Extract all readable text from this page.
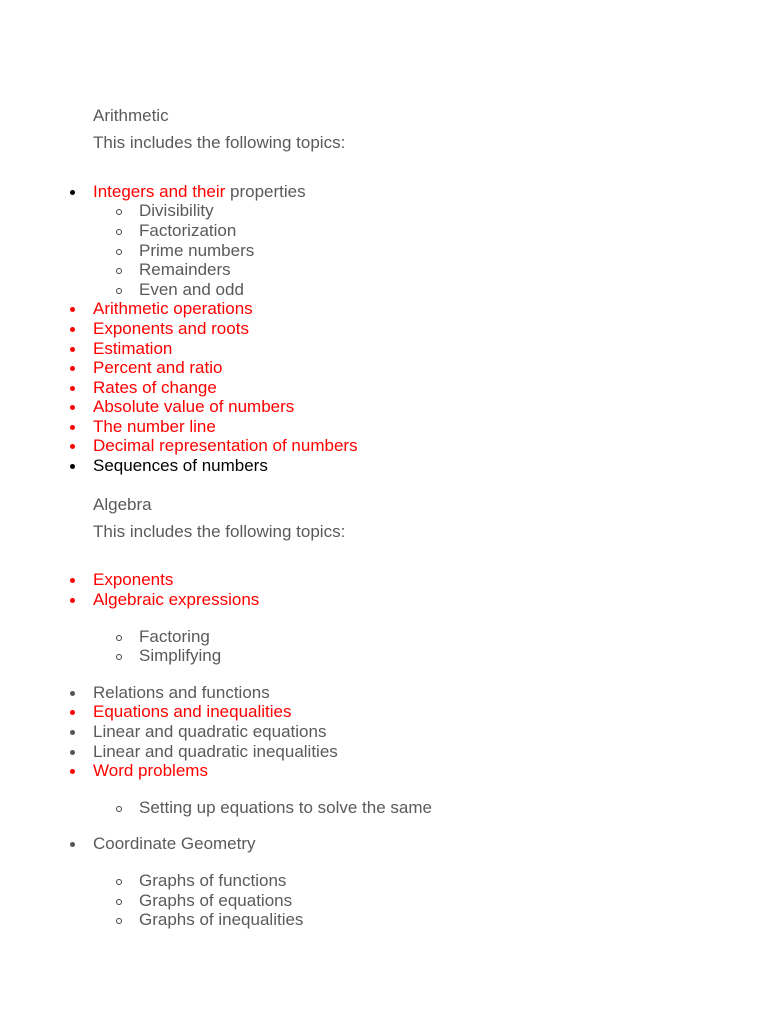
Arithmetic
This includes the following topics:
Integers and their properties
Divisibility
Factorization
Prime numbers
Remainders
Even and odd
Arithmetic operations
Exponents and roots
Estimation
Percent and ratio
Rates of change
Absolute value of numbers
The number line
Decimal representation of numbers
Sequences of numbers
Algebra
This includes the following topics:
Exponents
Algebraic expressions
Factoring
Simplifying
Relations and functions
Equations and inequalities
Linear and quadratic equations
Linear and quadratic inequalities
Word problems
Setting up equations to solve the same
Coordinate Geometry
Graphs of functions
Graphs of equations
Graphs of inequalities
